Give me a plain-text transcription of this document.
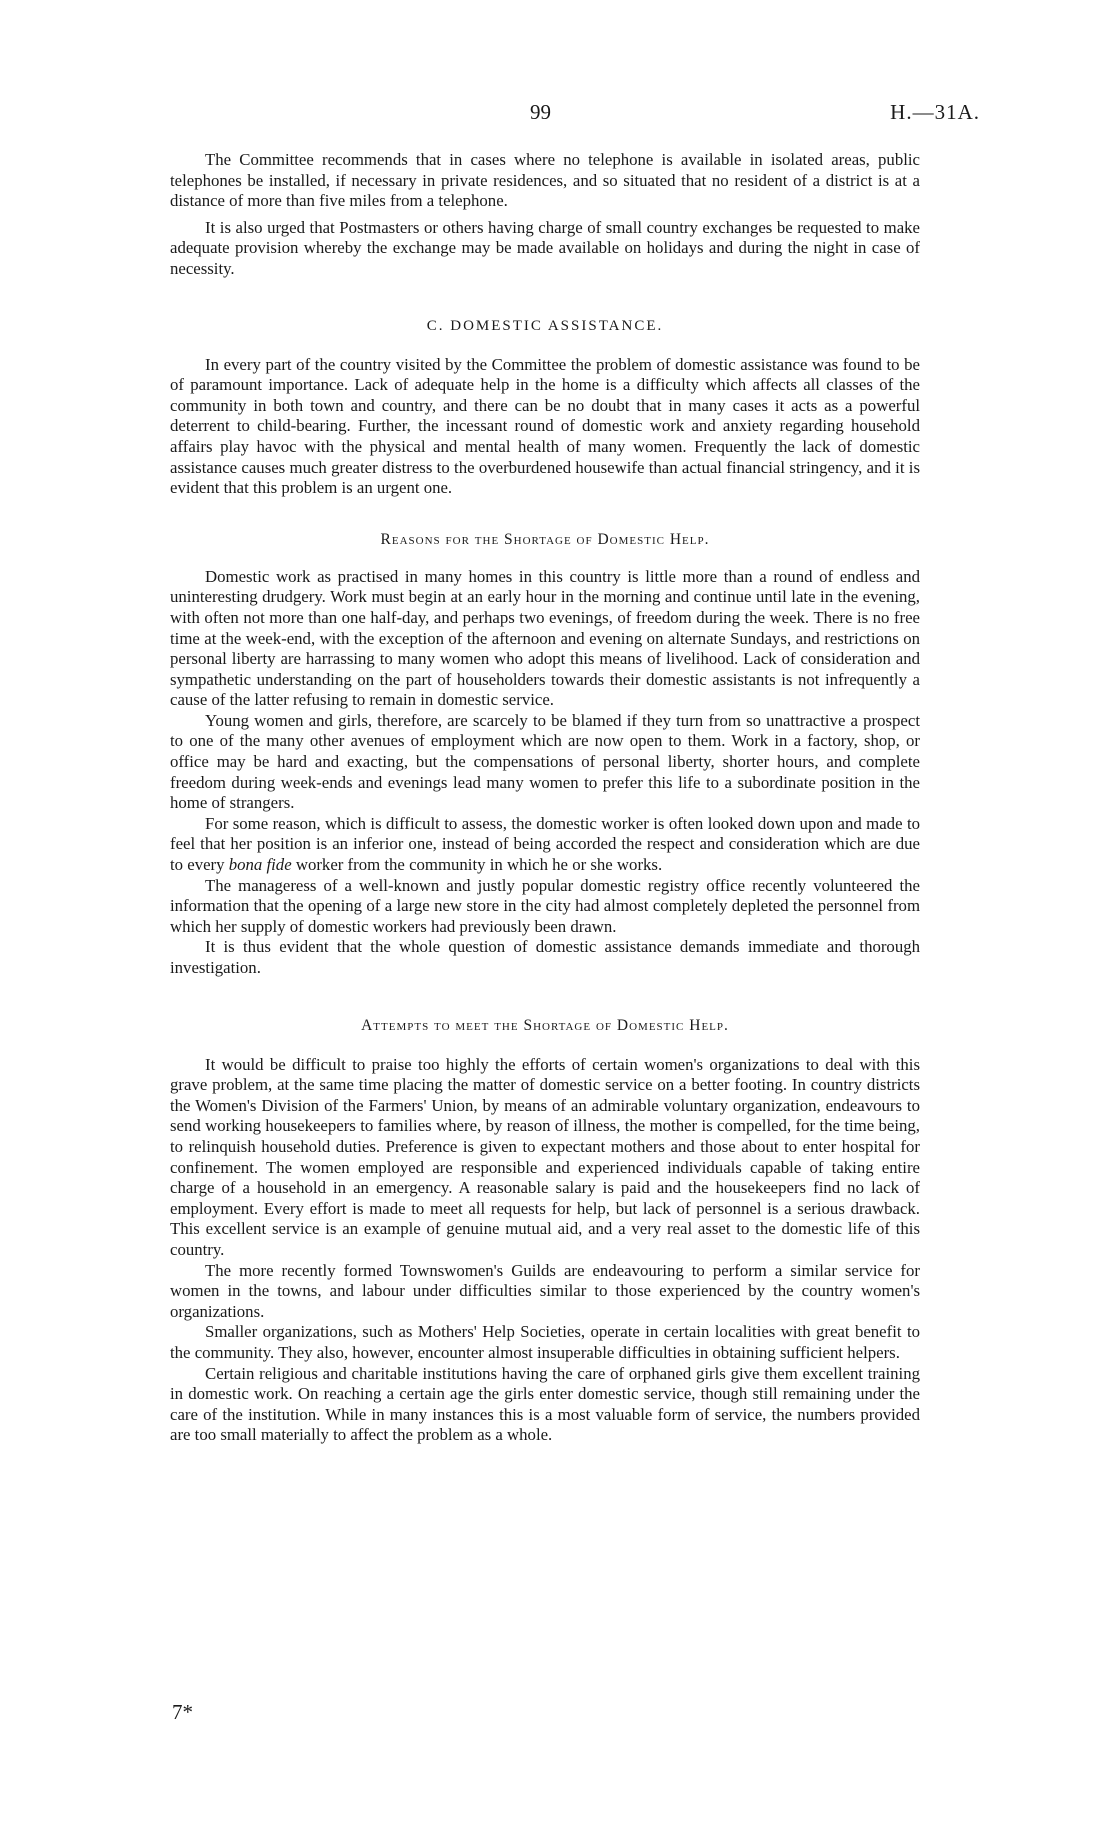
99	H.—31A.

The Committee recommends that in cases where no telephone is available in isolated areas, public telephones be installed, if necessary in private residences, and so situated that no resident of a district is at a distance of more than five miles from a telephone.

It is also urged that Postmasters or others having charge of small country exchanges be requested to make adequate provision whereby the exchange may be made available on holidays and during the night in case of necessity.

C. DOMESTIC ASSISTANCE.

In every part of the country visited by the Committee the problem of domestic assistance was found to be of paramount importance. Lack of adequate help in the home is a difficulty which affects all classes of the community in both town and country, and there can be no doubt that in many cases it acts as a powerful deterrent to child-bearing. Further, the incessant round of domestic work and anxiety regarding household affairs play havoc with the physical and mental health of many women. Frequently the lack of domestic assistance causes much greater distress to the overburdened housewife than actual financial stringency, and it is evident that this problem is an urgent one.

Reasons for the Shortage of Domestic Help.

Domestic work as practised in many homes in this country is little more than a round of endless and uninteresting drudgery. Work must begin at an early hour in the morning and continue until late in the evening, with often not more than one half-day, and perhaps two evenings, of freedom during the week. There is no free time at the week-end, with the exception of the afternoon and evening on alternate Sundays, and restrictions on personal liberty are harrassing to many women who adopt this means of livelihood. Lack of consideration and sympathetic understanding on the part of householders towards their domestic assistants is not infrequently a cause of the latter refusing to remain in domestic service.

Young women and girls, therefore, are scarcely to be blamed if they turn from so unattractive a prospect to one of the many other avenues of employment which are now open to them. Work in a factory, shop, or office may be hard and exacting, but the compensations of personal liberty, shorter hours, and complete freedom during week-ends and evenings lead many women to prefer this life to a subordinate position in the home of strangers.

For some reason, which is difficult to assess, the domestic worker is often looked down upon and made to feel that her position is an inferior one, instead of being accorded the respect and consideration which are due to every bona fide worker from the community in which he or she works.

The manageress of a well-known and justly popular domestic registry office recently volunteered the information that the opening of a large new store in the city had almost completely depleted the personnel from which her supply of domestic workers had previously been drawn.

It is thus evident that the whole question of domestic assistance demands immediate and thorough investigation.

Attempts to meet the Shortage of Domestic Help.

It would be difficult to praise too highly the efforts of certain women's organizations to deal with this grave problem, at the same time placing the matter of domestic service on a better footing. In country districts the Women's Division of the Farmers' Union, by means of an admirable voluntary organization, endeavours to send working housekeepers to families where, by reason of illness, the mother is compelled, for the time being, to relinquish household duties. Preference is given to expectant mothers and those about to enter hospital for confinement. The women employed are responsible and experienced individuals capable of taking entire charge of a household in an emergency. A reasonable salary is paid and the housekeepers find no lack of employment. Every effort is made to meet all requests for help, but lack of personnel is a serious drawback. This excellent service is an example of genuine mutual aid, and a very real asset to the domestic life of this country.

The more recently formed Townswomen's Guilds are endeavouring to perform a similar service for women in the towns, and labour under difficulties similar to those experienced by the country women's organizations.

Smaller organizations, such as Mothers' Help Societies, operate in certain localities with great benefit to the community. They also, however, encounter almost insuperable difficulties in obtaining sufficient helpers.

Certain religious and charitable institutions having the care of orphaned girls give them excellent training in domestic work. On reaching a certain age the girls enter domestic service, though still remaining under the care of the institution. While in many instances this is a most valuable form of service, the numbers provided are too small materially to affect the problem as a whole.

7*
